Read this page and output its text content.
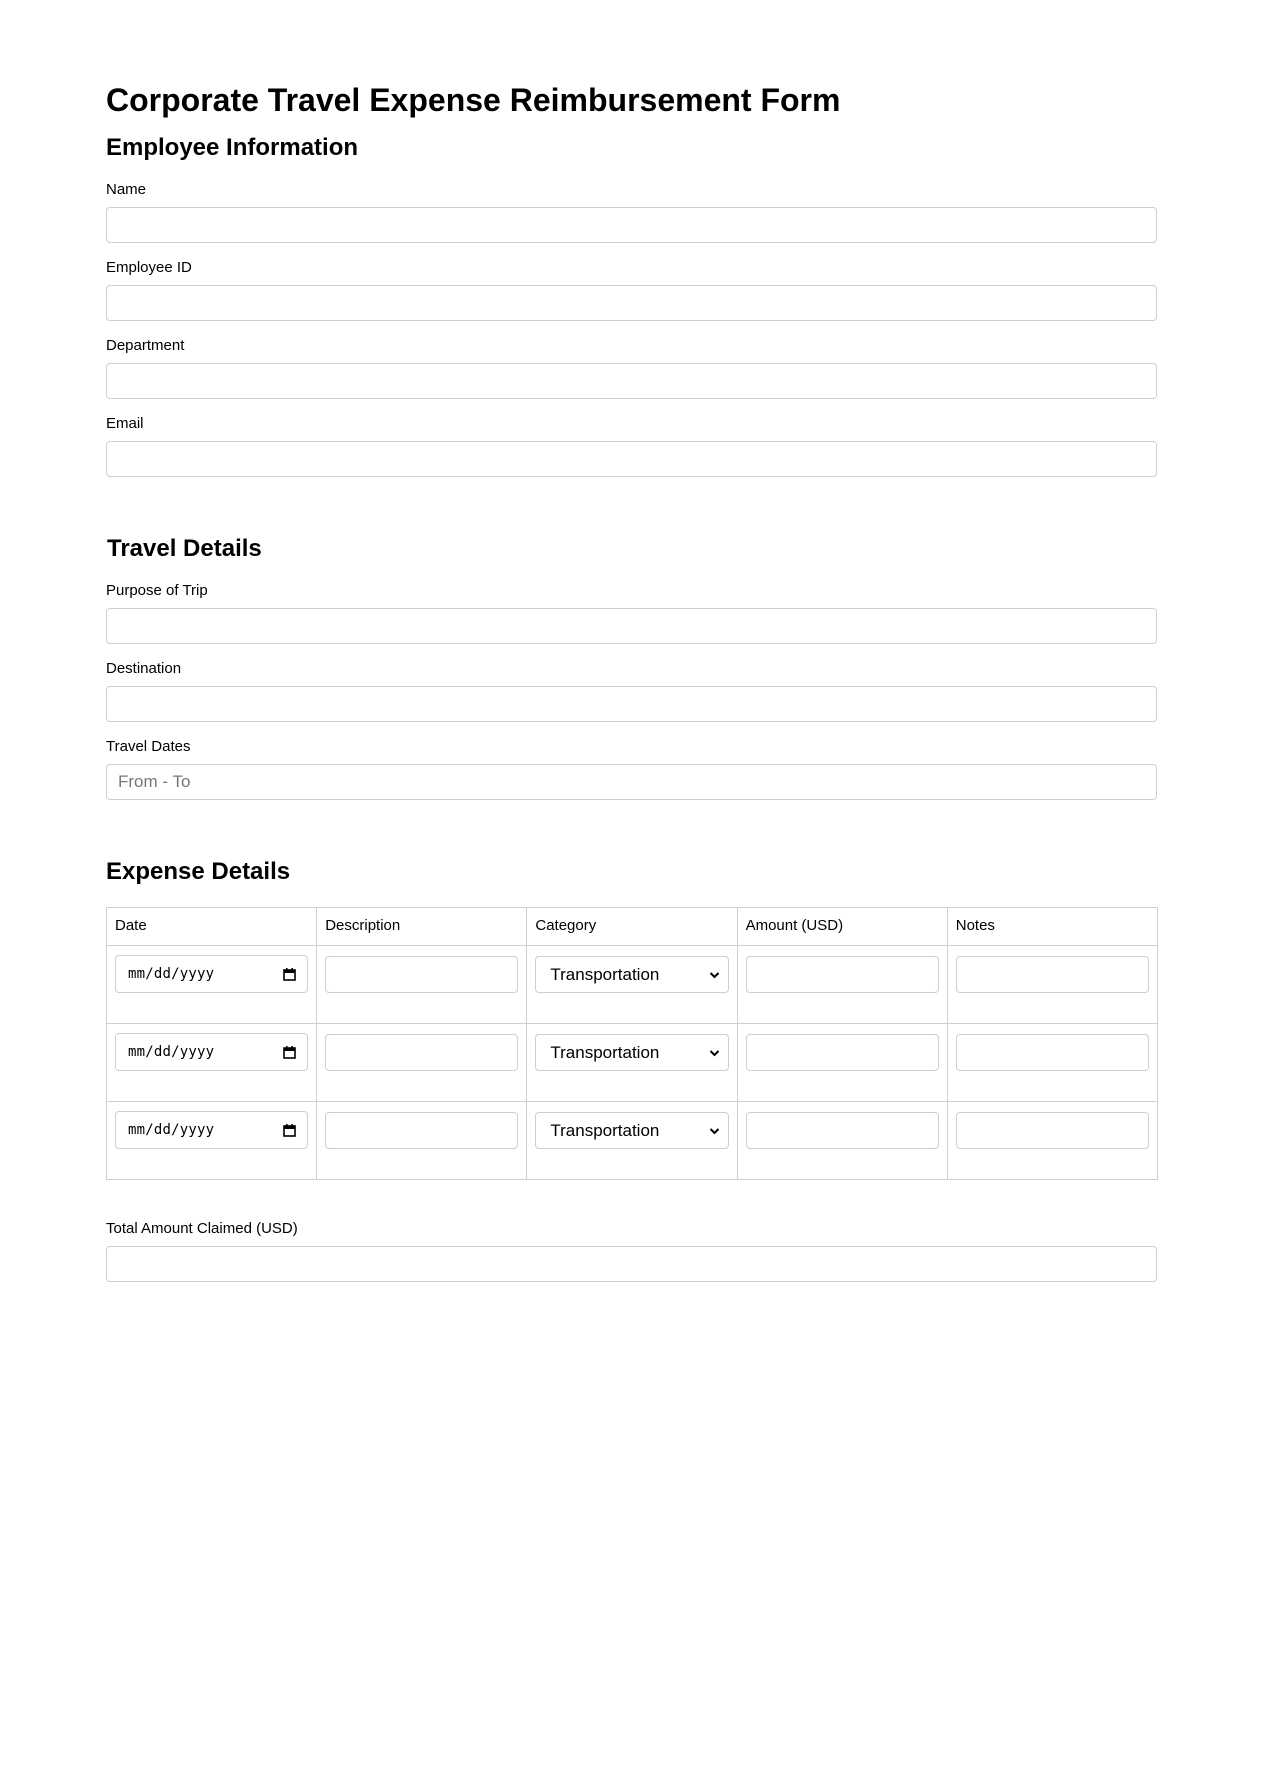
Corporate Travel Expense Reimbursement Form
Employee Information
Name
Employee ID
Department
Email
Travel Details
Purpose of Trip
Destination
Travel Dates
From - To
Expense Details
Date	Description	Category	Amount (USD)	Notes

mm/dd/yyyy		Transportation

mm/dd/yyyy		Transportation

mm/dd/yyyy		Transportation

Total Amount Claimed (USD)
